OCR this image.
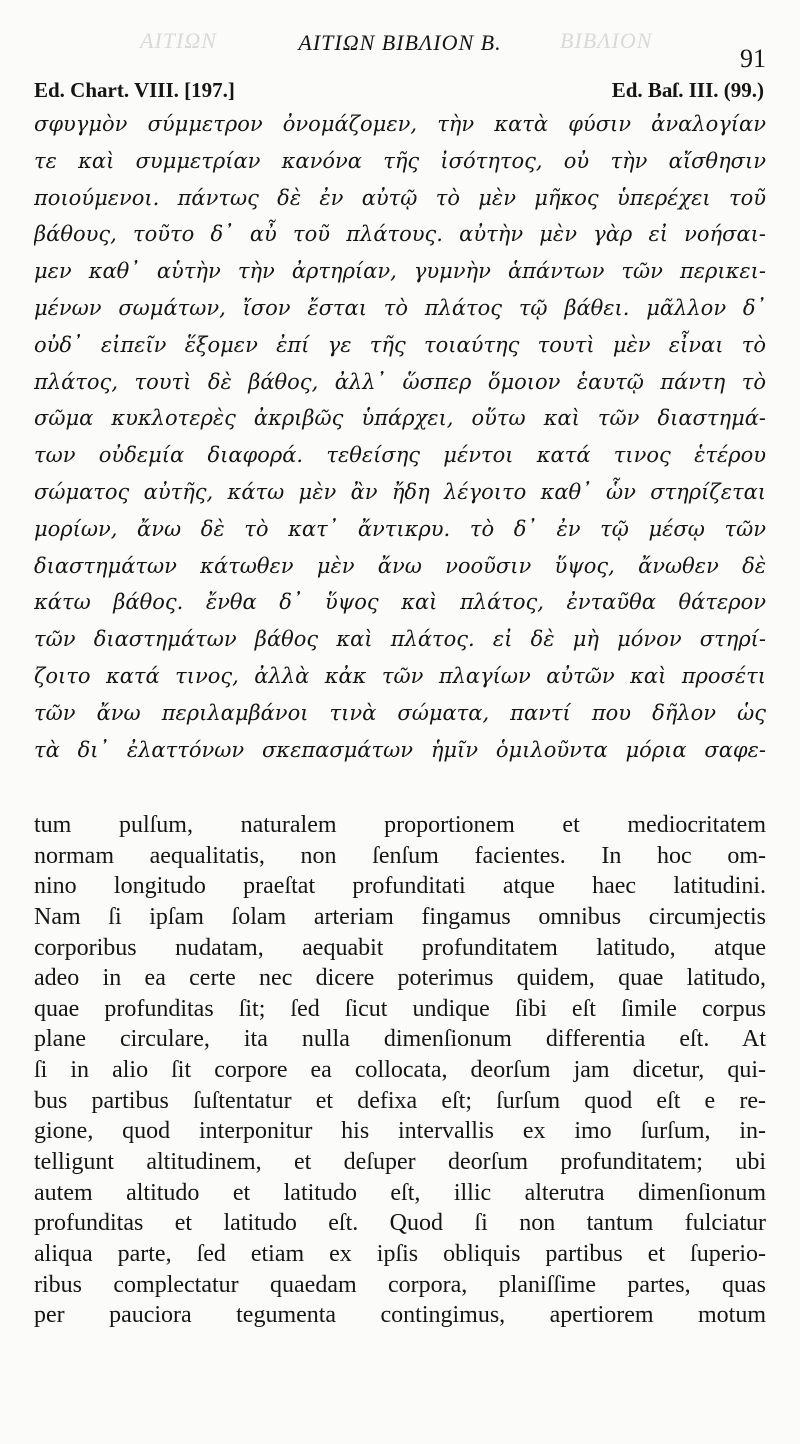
ΑΙΤΙΩΝ	ΒΙΒΛΙΟΝ
ΑΙΤΙΩΝ ΒΙΒΛΙΟΝ Β.
91
Ed. Chart. VIII. [197.]	Ed. Baſ. III. (99.)
σφυγμὸν σύμμετρον ὀνομάζομεν, τὴν κατὰ φύσιν ἀναλογίαν
τε καὶ συμμετρίαν κανόνα τῆς ἰσότητος, οὐ τὴν αἴσθησιν
ποιούμενοι. πάντως δὲ ἐν αὐτῷ τὸ μὲν μῆκος ὑπερέχει τοῦ
βάθους, τοῦτο δ᾽ αὖ τοῦ πλάτους. αὐτὴν μὲν γὰρ εἰ νοήσαι-
μεν καθ᾽ αὑτὴν τὴν ἀρτηρίαν, γυμνὴν ἁπάντων τῶν περικει-
μένων σωμάτων, ἴσον ἔσται τὸ πλάτος τῷ βάθει. μᾶλλον δ᾽
οὐδ᾽ εἰπεῖν ἕξομεν ἐπί γε τῆς τοιαύτης τουτὶ μὲν εἶναι τὸ
πλάτος, τουτὶ δὲ βάθος, ἀλλ᾽ ὥσπερ ὅμοιον ἑαυτῷ πάντη τὸ
σῶμα κυκλοτερὲς ἀκριβῶς ὑπάρχει, οὕτω καὶ τῶν διαστημά-
των οὐδεμία διαφορά. τεθείσης μέντοι κατά τινος ἑτέρου
σώματος αὐτῆς, κάτω μὲν ἂν ἤδη λέγοιτο καθ᾽ ὧν στηρίζεται
μορίων, ἄνω δὲ τὸ κατ᾽ ἄντικρυ. τὸ δ᾽ ἐν τῷ μέσῳ τῶν
διαστημάτων κάτωθεν μὲν ἄνω νοοῦσιν ὕψος, ἄνωθεν δὲ
κάτω βάθος. ἔνθα δ᾽ ὕψος καὶ πλάτος, ἐνταῦθα θάτερον
τῶν διαστημάτων βάθος καὶ πλάτος. εἰ δὲ μὴ μόνον στηρί-
ζοιτο κατά τινος, ἀλλὰ κἀκ τῶν πλαγίων αὐτῶν καὶ προσέτι
τῶν ἄνω περιλαμβάνοι τινὰ σώματα, παντί που δῆλον ὡς
τὰ δι᾽ ἐλαττόνων σκεπασμάτων ἡμῖν ὁμιλοῦντα μόρια σαφε-
tum pulſum, naturalem proportionem et mediocritatem
normam aequalitatis, non ſenſum facientes. In hoc om-
nino longitudo praeſtat profunditati atque haec latitudini.
Nam ſi ipſam ſolam arteriam fingamus omnibus circumjectis
corporibus nudatam, aequabit profunditatem latitudo, atque
adeo in ea certe nec dicere poterimus quidem, quae latitudo,
quae profunditas ſit; ſed ſicut undique ſibi eſt ſimile corpus
plane circulare, ita nulla dimenſionum differentia eſt. At
ſi in alio ſit corpore ea collocata, deorſum jam dicetur, qui-
bus partibus ſuſtentatur et defixa eſt; ſurſum quod eſt e re-
gione, quod interponitur his intervallis ex imo ſurſum, in-
telligunt altitudinem, et deſuper deorſum profunditatem; ubi
autem altitudo et latitudo eſt, illic alterutra dimenſionum
profunditas et latitudo eſt. Quod ſi non tantum fulciatur
aliqua parte, ſed etiam ex ipſis obliquis partibus et ſuperio-
ribus complectatur quaedam corpora, planiſſime partes, quas
per pauciora tegumenta contingimus, apertiorem motum
